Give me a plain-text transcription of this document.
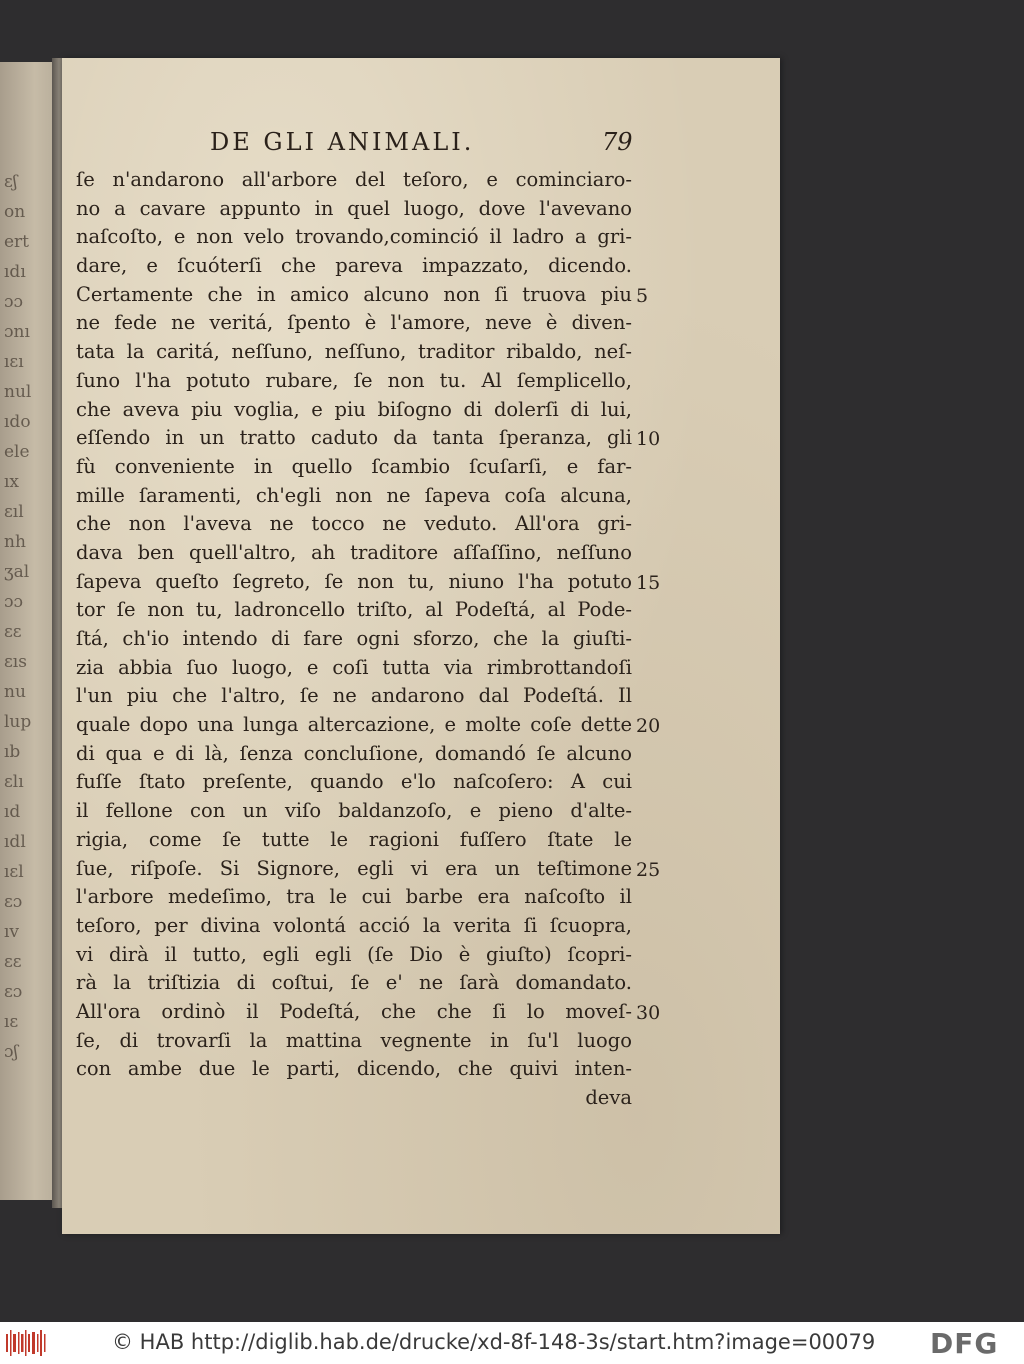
ɛʃ
on
ert
ıdı
ɔɔ
ɔnı
ıɛı
nul
ıdo
ele
ıx
ɛıl
nh
ʒal
ɔɔ
ɛɛ
ɛıs
nu
lup
ıb
ɛlı
ıd
ıdl
ıɛl
ɛɔ
ıv
ɛɛ
ɛɔ
ıɛ
ɔʃ
DE GLI ANIMALI.	79
ſe n'andarono all'arbore del teſoro, e cominciaro-
no a cavare appunto in quel luogo, dove l'avevano
naſcoſto, e non velo trovando,cominció il ladro a gri-
dare, e ſcuóterſi che pareva impazzato, dicendo.
Certamente che in amico alcuno non ſi truova piu
ne fede ne veritá, ſpento è l'amore, neve è diven-
tata la caritá, neſſuno, neſſuno, traditor ribaldo, neſ-
ſuno l'ha potuto rubare, ſe non tu. Al ſemplicello,
che aveva piu voglia, e piu biſogno di dolerſi di lui,
eſſendo in un tratto caduto da tanta ſperanza, gli
fù conveniente in quello ſcambio ſcuſarſi, e far-
mille ſaramenti, ch'egli non ne ſapeva coſa alcuna,
che non l'aveva ne tocco ne veduto. All'ora gri-
dava ben quell'altro, ah traditore aſſaſſino, neſſuno
ſapeva queſto ſegreto, ſe non tu, niuno l'ha potuto
tor ſe non tu, ladroncello triſto, al Podeſtá, al Pode-
ſtá, ch'io intendo di fare ogni sforzo, che la giuſti-
zia abbia ſuo luogo, e coſi tutta via rimbrottandoſi
l'un piu che l'altro, ſe ne andarono dal Podeſtá. Il
quale dopo una lunga altercazione, e molte coſe dette
di qua e di là, ſenza concluſione, domandó ſe alcuno
fuſſe ſtato preſente, quando e'lo naſcoſero: A cui
il fellone con un viſo baldanzoſo, e pieno d'alte-
rigia, come ſe tutte le ragioni fuſſero ſtate le
ſue, riſpoſe. Si Signore, egli vi era un teſtimone
l'arbore medeſimo, tra le cui barbe era naſcoſto il
teſoro, per divina volontá acció la verita ſi ſcuopra,
vi dirà il tutto, egli egli (ſe Dio è giuſto) ſcopri-
rà la triſtizia di coſtui, ſe e' ne ſarà domandato.
All'ora ordinò il Podeſtá, che che ſi lo moveſ-
ſe, di trovarſi la mattina vegnente in ſu'l luogo
con ambe due le parti, dicendo, che quivi inten-
deva
5
10
15
20
25
30
© HAB http://diglib.hab.de/drucke/xd-8f-148-3s/start.htm?image=00079 DFG
